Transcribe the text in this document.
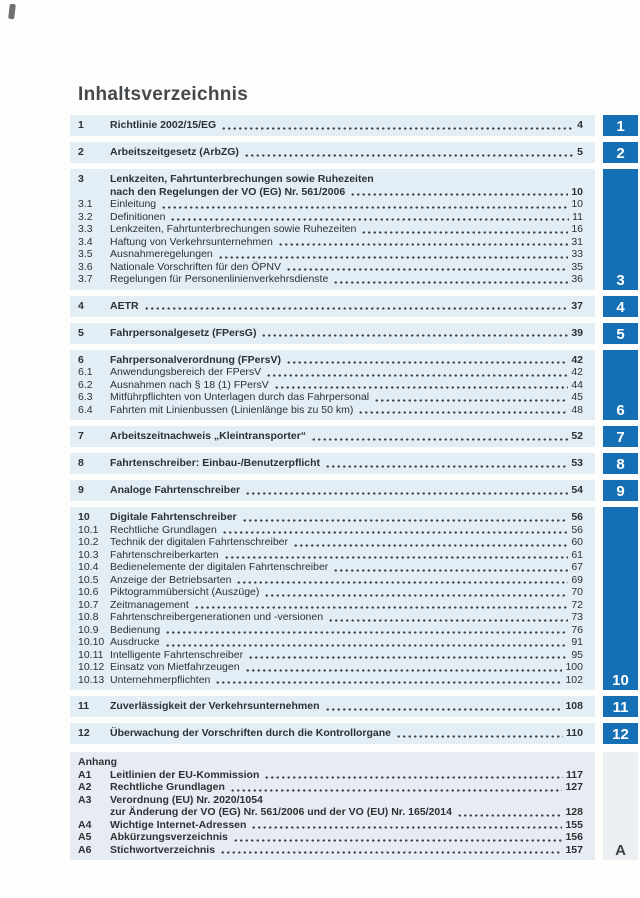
Inhaltsverzeichnis
1	Richtlinie 2002/15/EG	4	1
2	Arbeitszeitgesetz (ArbZG)	5	2
3	Lenkzeiten, Fahrtunterbrechungen sowie Ruhezeiten
nach den Regelungen der VO (EG) Nr. 561/2006	10
3.1	Einleitung	10
3.2	Definitionen	11
3.3	Lenkzeiten, Fahrtunterbrechungen sowie Ruhezeiten	16
3.4	Haftung von Verkehrsunternehmen	31
3.5	Ausnahmeregelungen	33
3.6	Nationale Vorschriften für den ÖPNV	35
3.7	Regelungen für Personenlinienverkehrsdienste	36	3
4	AETR	37	4
5	Fahrpersonalgesetz (FPersG)	39	5
6	Fahrpersonalverordnung (FPersV)	42
6.1	Anwendungsbereich der FPersV	42
6.2	Ausnahmen nach § 18 (1) FPersV	44
6.3	Mitführpflichten von Unterlagen durch das Fahrpersonal	45
6.4	Fahrten mit Linienbussen (Linienlänge bis zu 50 km)	48	6
7	Arbeitszeitnachweis „Kleintransporter“	52	7
8	Fahrtenschreiber: Einbau-/Benutzerpflicht	53	8
9	Analoge Fahrtenschreiber	54	9
10	Digitale Fahrtenschreiber	56
10.1	Rechtliche Grundlagen	56
10.2	Technik der digitalen Fahrtenschreiber	60
10.3	Fahrtenschreiberkarten	61
10.4	Bedienelemente der digitalen Fahrtenschreiber	67
10.5	Anzeige der Betriebsarten	69
10.6	Piktogrammübersicht (Auszüge)	70
10.7	Zeitmanagement	72
10.8	Fahrtenschreibergenerationen und -versionen	73
10.9	Bedienung	76
10.10 Ausdrucke	91
10.11 Intelligente Fahrtenschreiber	95
10.12 Einsatz von Mietfahrzeugen	100
10.13 Unternehmerpflichten	102	10
11	Zuverlässigkeit der Verkehrsunternehmen	108	11
12	Überwachung der Vorschriften durch die Kontrollorgane	110	12
Anhang
A1	Leitlinien der EU-Kommission	117
A2	Rechtliche Grundlagen	127
A3	Verordnung (EU) Nr. 2020/1054
zur Änderung der VO (EG) Nr. 561/2006 und der VO (EU) Nr. 165/2014	128
A4	Wichtige Internet-Adressen	155
A5	Abkürzungsverzeichnis	156
A6	Stichwortverzeichnis	157	A
